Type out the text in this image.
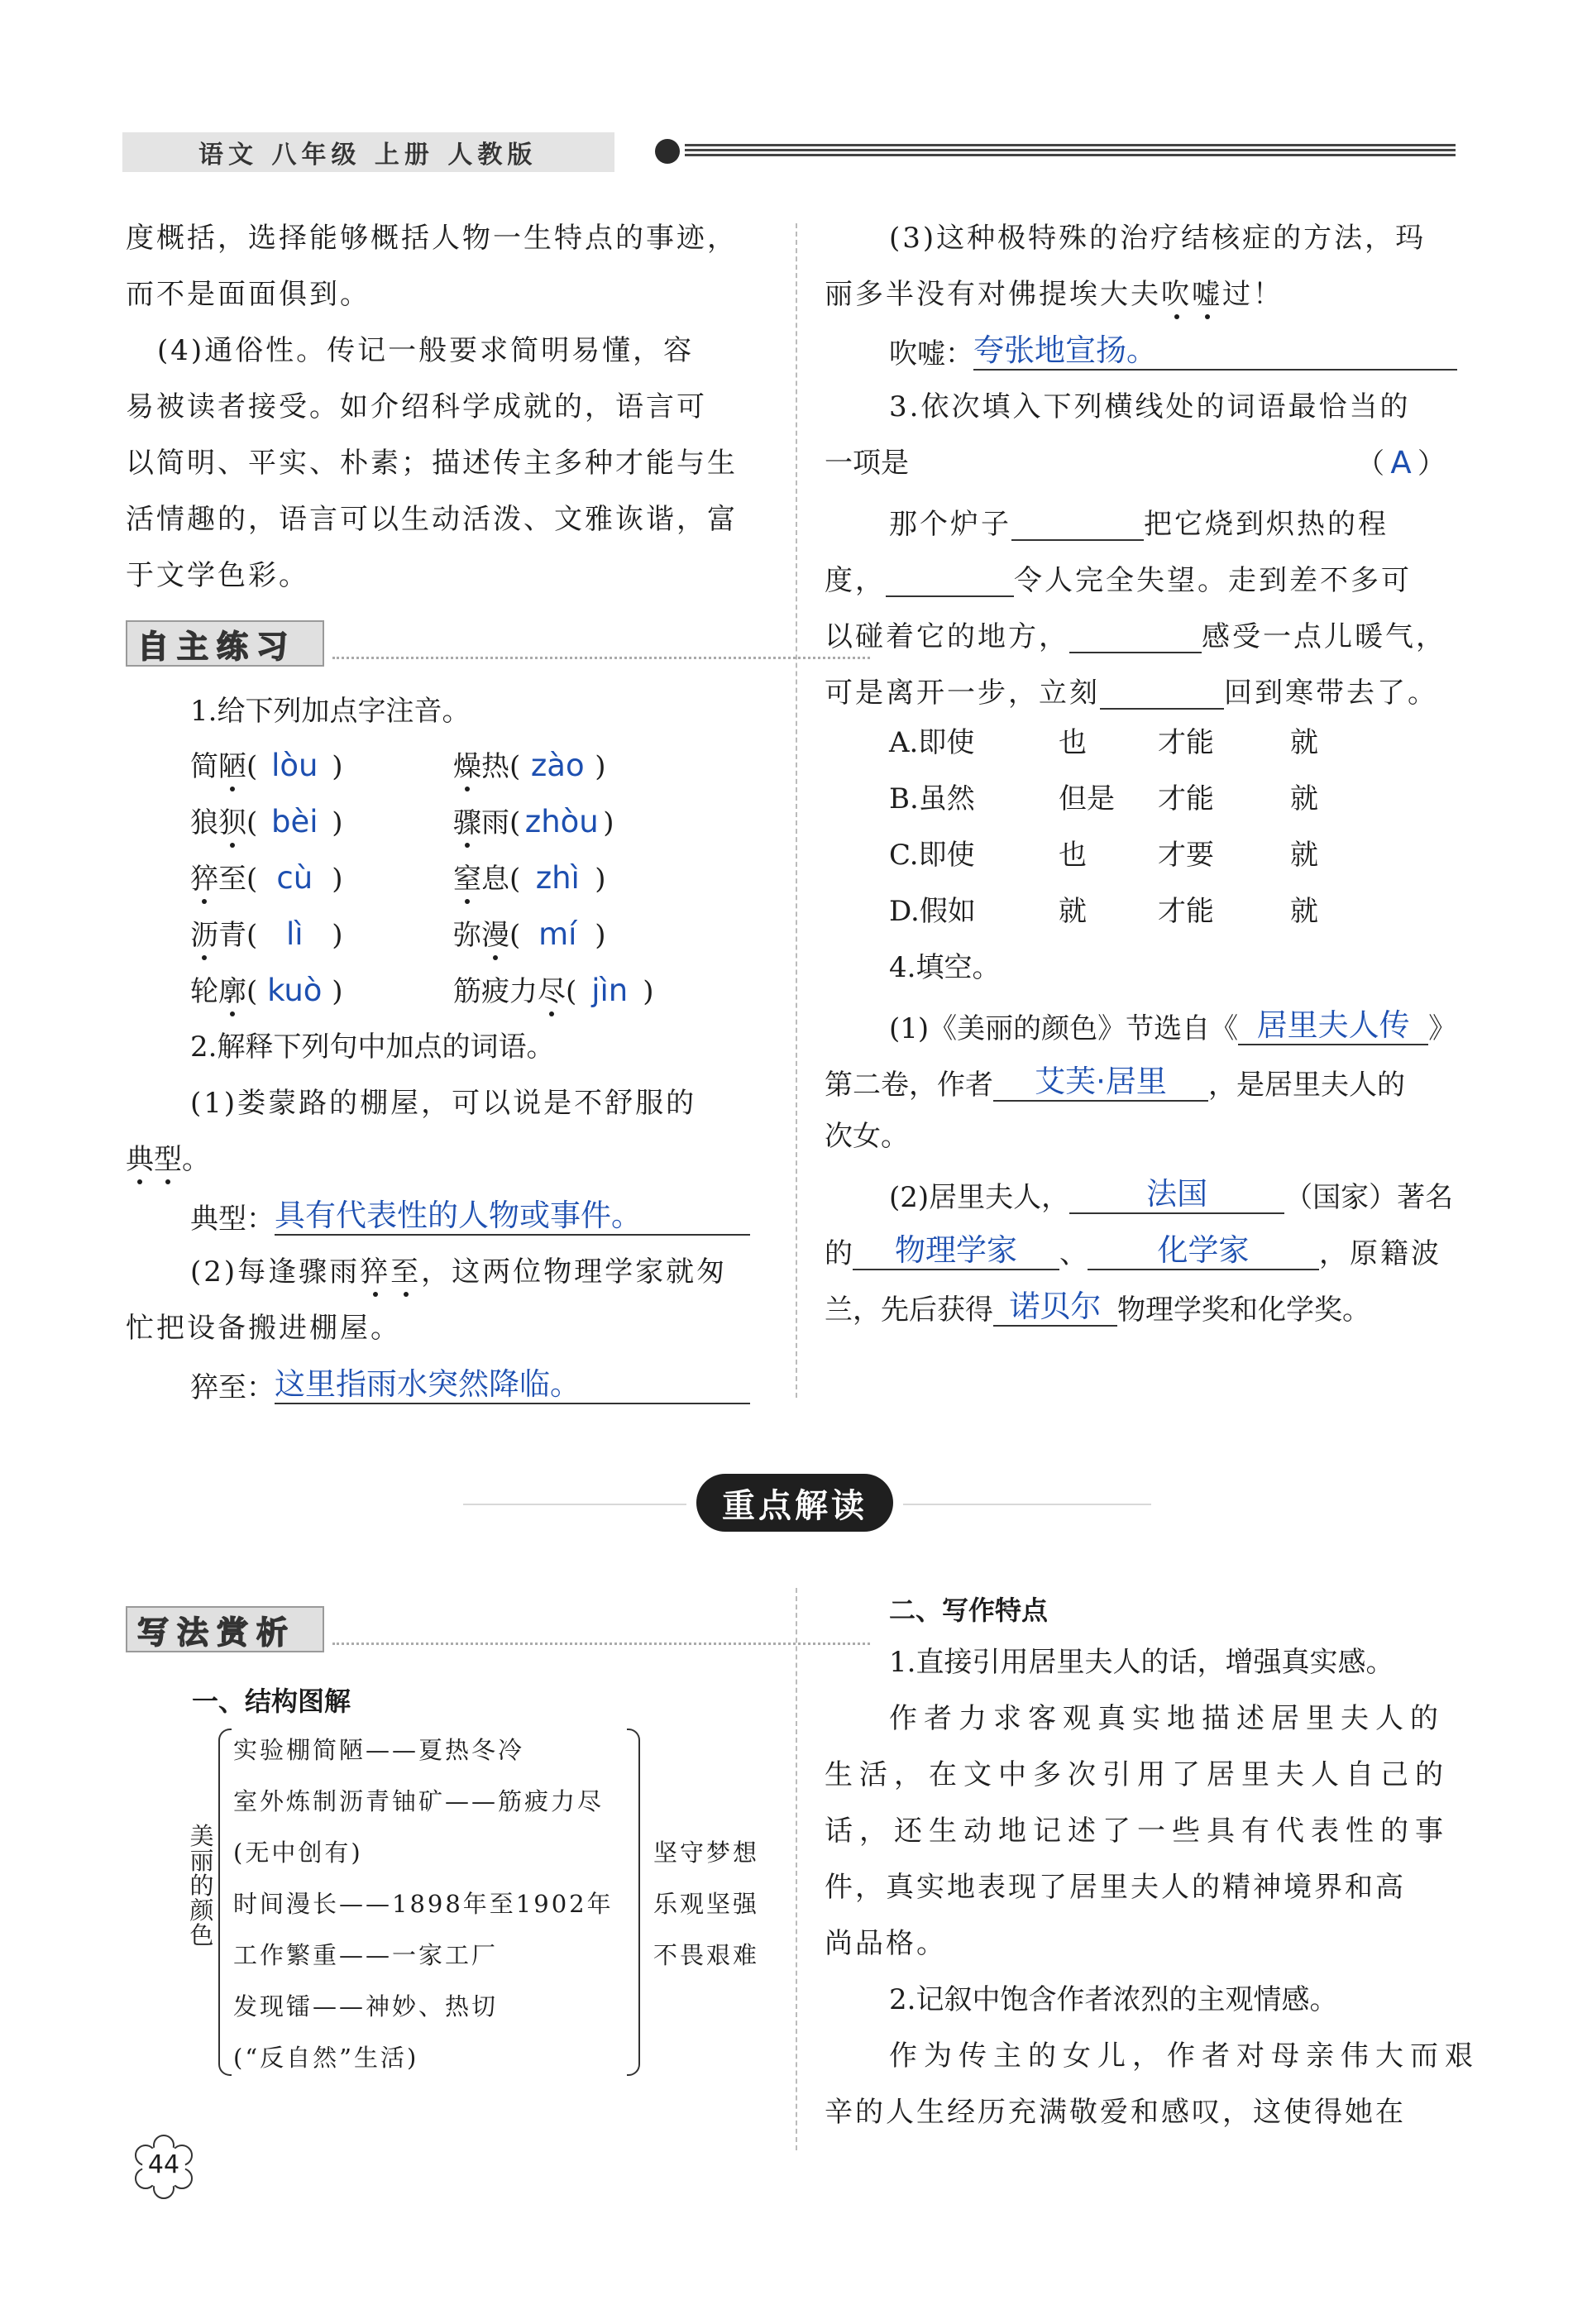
语文 八年级 上册 人教版
度概括，选择能够概括人物一生特点的事迹，
而不是面面俱到。
(4)通俗性。传记一般要求简明易懂，容
易被读者接受。如介绍科学成就的，语言可
以简明、平实、朴素；描述传主多种才能与生
活情趣的，语言可以生动活泼、文雅诙谐，富
于文学色彩。
自主练习
1.给下列加点字注音。
简陋( lòu )	燥热( zào )
狼狈( bèi )	骤雨( zhòu )
猝至( cù )	窒息( zhì )
沥青( lì )	弥漫( mí )
轮廓( kuò )	筋疲力尽( jìn )
2.解释下列句中加点的词语。
(1)娄蒙路的棚屋，可以说是不舒服的
典型。
典型：具有代表性的人物或事件。
(2)每逢骤雨猝至，这两位物理学家就匆
忙把设备搬进棚屋。
猝至：这里指雨水突然降临。
(3)这种极特殊的治疗结核症的方法，玛
丽多半没有对佛提埃大夫吹嘘过！
吹嘘：夸张地宣扬。
3.依次填入下列横线处的词语最恰当的
一项是	（ A ）
那个炉子	把它烧到炽热的程
度，	令人完全失望。走到差不多可
以碰着它的地方，	感受一点儿暖气，
可是离开一步，立刻	回到寒带去了。
A.即使	也	才能	就
B.虽然	但是 才能	就
C.即使	也	才要	就
D.假如	就	才能	就
4.填空。
(1)《美丽的颜色》节选自《 居里夫人传 》
第二卷，作者 艾芙·居里 ，是居里夫人的
次女。
(2)居里夫人，	法国	（国家）著名
的 物理学家 、 化学家 ，原籍波
兰，先后获得 诺贝尔 物理学奖和化学奖。
重点解读
写法赏析
一、结构图解
美
丽
的
颜
色
实验棚简陋——夏热冬冷
室外炼制沥青铀矿——筋疲力尽
(无中创有)
时间漫长——1898年至1902年
工作繁重——一家工厂
发现镭——神妙、热切
(“反自然”生活)
坚守梦想
乐观坚强
不畏艰难
二、写作特点
1.直接引用居里夫人的话，增强真实感。
作者力求客观真实地描述居里夫人的
生活，在文中多次引用了居里夫人自己的
话，还生动地记述了一些具有代表性的事
件，真实地表现了居里夫人的精神境界和高
尚品格。
2.记叙中饱含作者浓烈的主观情感。
作为传主的女儿，作者对母亲伟大而艰
辛的人生经历充满敬爱和感叹，这使得她在
44
